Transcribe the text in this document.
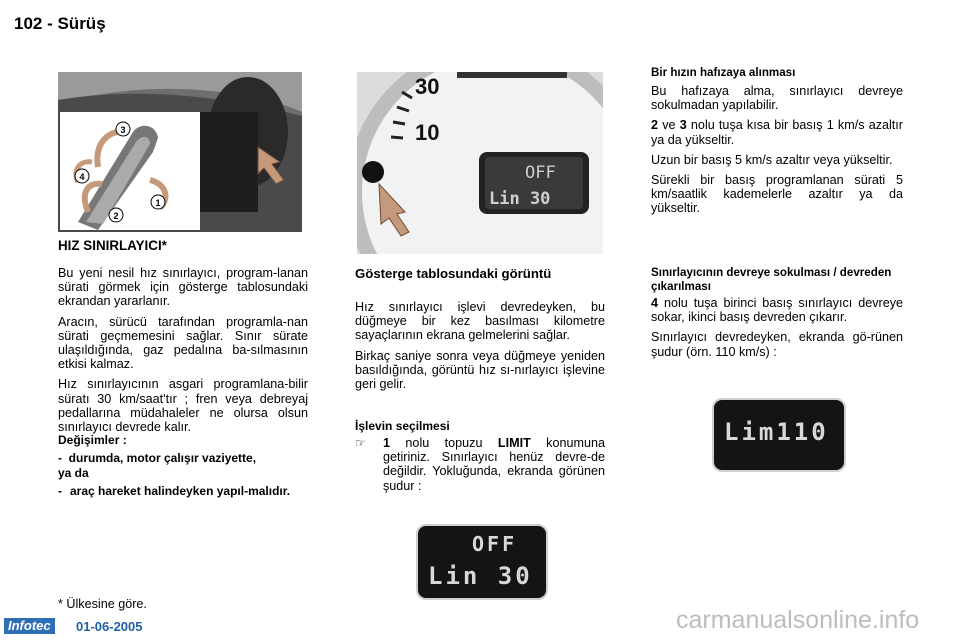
102 - Sürüş
3
4
1
2
HIZ SINIRLAYICI*

Bu yeni nesil hız sınırlayıcı, program-lanan sürati görmek için gösterge tablosundaki ekrandan yararlanır.

Aracın, sürücü tarafından programla-nan sürati geçmemesini sağlar. Sınır sürate ulaşıldığında, gaz pedalına ba-sılmasının etkisi kalmaz.

Hız sınırlayıcının asgari programlana-bilir süratı 30 km/saat'tır ; fren veya debreyaj pedallarına müdahaleler ne olursa olsun sınırlayıcı devrede kalır.

Değişimler :
- durumda, motor çalışır vaziyette,
ya da
- araç hareket halindeyken yapıl-malıdır.
* Ülkesine göre.
30
10
OFF
Lin 30
Gösterge tablosundaki görüntü

Hız sınırlayıcı işlevi devredeyken, bu düğmeye bir kez basılması kilometre sayaçlarının ekrana gelmelerini sağlar.

Birkaç saniye sonra veya düğmeye yeniden basıldığında, görüntü hız sı-nırlayıcı işlevine geri gelir.

İşlevin seçilmesi
☞	1 nolu topuzu LIMIT konumuna getiriniz. Sınırlayıcı henüz devre-de değildir. Yokluğunda, ekranda görünen şudur :
OFF
Lin 30
Bir hızın hafızaya alınması

Bu hafızaya alma, sınırlayıcı devreye sokulmadan yapılabilir.

2 ve 3 nolu tuşa kısa bir basış 1 km/s azaltır ya da yükseltir.

Uzun bir basış 5 km/s azaltır veya yükseltir.

Sürekli bir basış programlanan sürati 5 km/saatlik kademelerle azaltır ya da yükseltir.

Sınırlayıcının devreye sokulması / devreden çıkarılması

4 nolu tuşa birinci basış sınırlayıcı devreye sokar, ikinci basış devreden çıkarır.

Sınırlayıcı devredeyken, ekranda gö-rünen şudur (örn. 110 km/s) :

Lim110
Infotec	01-06-2005	carmanualsonline.info
